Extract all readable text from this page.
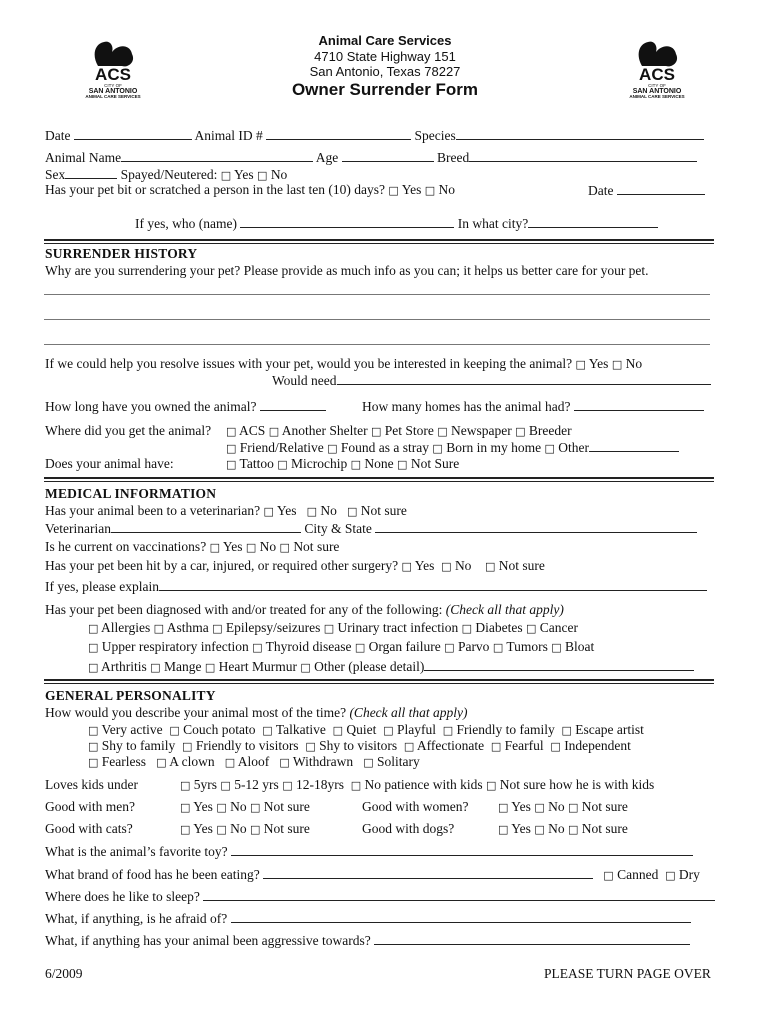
ACS
CITY OF
SAN ANTONIO
ANIMAL CARE SERVICES
ACS
CITY OF
SAN ANTONIO
ANIMAL CARE SERVICES
Animal Care Services
4710 State Highway 151
San Antonio, Texas 78227
Owner Surrender Form
Date	Animal ID #	Species
Animal Name	Age	Breed
Sex	Spayed/Neutered: □ Yes □ No
Has your pet bit or scratched a person in the last ten (10) days? □ Yes □ No	Date
If yes, who (name)	In what city?
SURRENDER HISTORY
Why are you surrendering your pet? Please provide as much info as you can; it helps us better care for your pet.
If we could help you resolve issues with your pet, would you be interested in keeping the animal? □ Yes □ No
Would need
How long have you owned the animal?	How many homes has the animal had?
Where did you get the animal? □ ACS □ Another Shelter □ Pet Store □ Newspaper □ Breeder
□ Friend/Relative □ Found as a stray □ Born in my home □ Other
Does your animal have:	□ Tattoo □ Microchip □ None □ Not Sure
MEDICAL INFORMATION
Has your animal been to a veterinarian? □ Yes □ No □ Not sure
Veterinarian	City & State
Is he current on vaccinations? □ Yes □ No □ Not sure
Has your pet been hit by a car, injured, or required other surgery? □ Yes □ No □ Not sure
If yes, please explain
Has your pet been diagnosed with and/or treated for any of the following: (Check all that apply)
□ Allergies □ Asthma □ Epilepsy/seizures □ Urinary tract infection □ Diabetes □ Cancer
□ Upper respiratory infection □ Thyroid disease □ Organ failure □ Parvo □ Tumors □ Bloat
□ Arthritis □ Mange □ Heart Murmur □ Other (please detail)
GENERAL PERSONALITY
How would you describe your animal most of the time? (Check all that apply)
□ Very active □ Couch potato □ Talkative □ Quiet □ Playful □ Friendly to family □ Escape artist
□ Shy to family □ Friendly to visitors □ Shy to visitors □ Affectionate □ Fearful □ Independent
□ Fearless □ A clown □ Aloof □ Withdrawn □ Solitary
Loves kids under	□ 5yrs □ 5-12 yrs □ 12-18yrs □ No patience with kids □ Not sure how he is with kids
Good with men?	□ Yes □ No □ Not sure	Good with women?	□ Yes □ No □ Not sure
Good with cats?	□ Yes □ No □ Not sure	Good with dogs?	□ Yes □ No □ Not sure
What is the animal’s favorite toy?
What brand of food has he been eating?	□ Canned □ Dry
Where does he like to sleep?
What, if anything, is he afraid of?
What, if anything has your animal been aggressive towards?
6/2009	PLEASE TURN PAGE OVER
